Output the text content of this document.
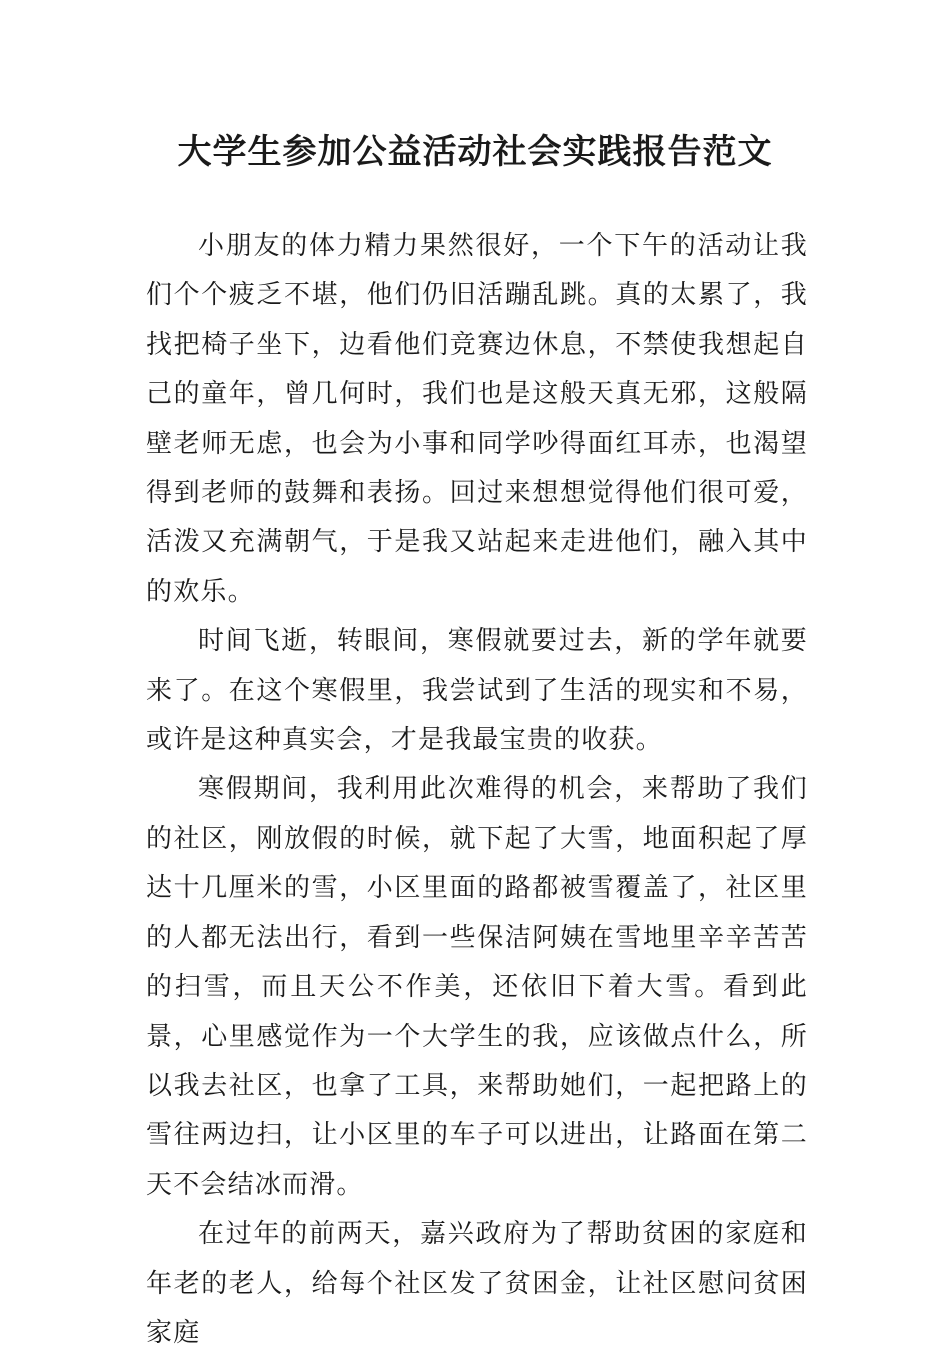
大学生参加公益活动社会实践报告范文

小朋友的体力精力果然很好，一个下午的活动让我们个个疲乏不堪，他们仍旧活蹦乱跳。真的太累了，我找把椅子坐下，边看他们竞赛边休息，不禁使我想起自己的童年，曾几何时，我们也是这般天真无邪，这般隔壁老师无虑，也会为小事和同学吵得面红耳赤，也渴望得到老师的鼓舞和表扬。回过来想想觉得他们很可爱，活泼又充满朝气，于是我又站起来走进他们，融入其中的欢乐。

时间飞逝，转眼间，寒假就要过去，新的学年就要来了。在这个寒假里，我尝试到了生活的现实和不易，或许是这种真实会，才是我最宝贵的收获。

寒假期间，我利用此次难得的机会，来帮助了我们的社区，刚放假的时候，就下起了大雪，地面积起了厚达十几厘米的雪，小区里面的路都被雪覆盖了，社区里的人都无法出行，看到一些保洁阿姨在雪地里辛辛苦苦的扫雪，而且天公不作美，还依旧下着大雪。看到此景，心里感觉作为一个大学生的我，应该做点什么，所以我去社区，也拿了工具，来帮助她们，一起把路上的雪往两边扫，让小区里的车子可以进出，让路面在第二天不会结冰而滑。

在过年的前两天，嘉兴政府为了帮助贫困的家庭和年老的老人，给每个社区发了贫困金，让社区慰问贫困家庭
